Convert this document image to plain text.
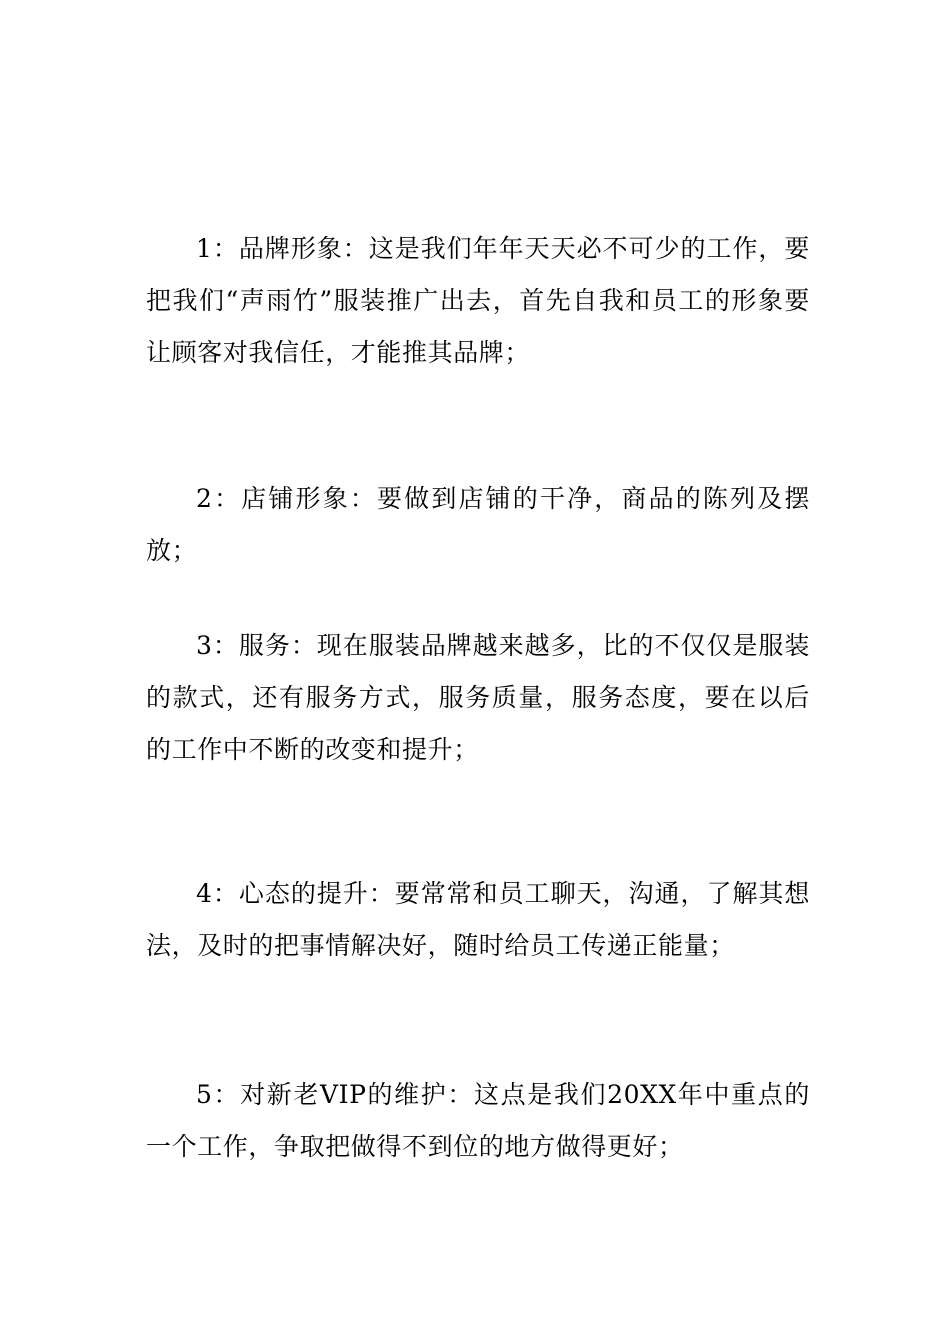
1：品牌形象：这是我们年年天天必不可少的工作，要把我们“声雨竹”服装推广出去，首先自我和员工的形象要让顾客对我信任，才能推其品牌；

2：店铺形象：要做到店铺的干净，商品的陈列及摆放；

3：服务：现在服装品牌越来越多，比的不仅仅是服装的款式，还有服务方式，服务质量，服务态度，要在以后的工作中不断的改变和提升；

4：心态的提升：要常常和员工聊天，沟通，了解其想法，及时的把事情解决好，随时给员工传递正能量；

5：对新老VIP的维护：这点是我们20XX年中重点的一个工作，争取把做得不到位的地方做得更好；
